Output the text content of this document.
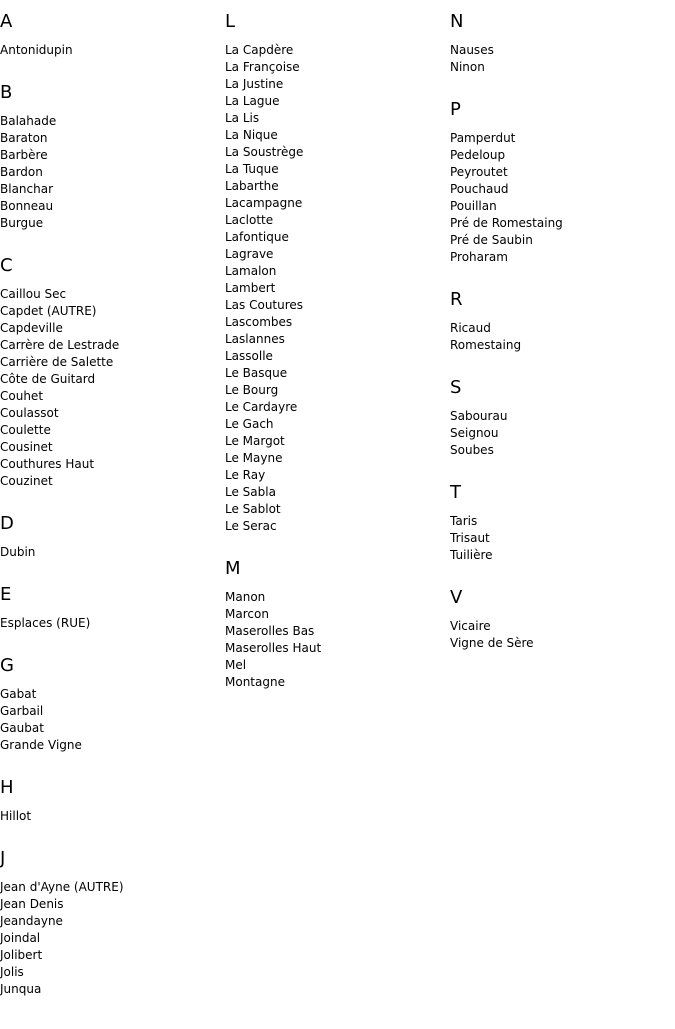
A
Antonidupin
B
Balahade
Baraton
Barbère
Bardon
Blanchar
Bonneau
Burgue
C
Caillou Sec
Capdet (AUTRE)
Capdeville
Carrère de Lestrade
Carrière de Salette
Côte de Guitard
Couhet
Coulassot
Coulette
Cousinet
Couthures Haut
Couzinet
D
Dubin
E
Esplaces (RUE)
G
Gabat
Garbail
Gaubat
Grande Vigne
H
Hillot
J
Jean d'Ayne (AUTRE)
Jean Denis
Jeandayne
Joindal
Jolibert
Jolis
Junqua
L
La Capdère
La Françoise
La Justine
La Lague
La Lis
La Nique
La Soustrège
La Tuque
Labarthe
Lacampagne
Laclotte
Lafontique
Lagrave
Lamalon
Lambert
Las Coutures
Lascombes
Laslannes
Lassolle
Le Basque
Le Bourg
Le Cardayre
Le Gach
Le Margot
Le Mayne
Le Ray
Le Sabla
Le Sablot
Le Serac
M
Manon
Marcon
Maserolles Bas
Maserolles Haut
Mel
Montagne
N
Nauses
Ninon
P
Pamperdut
Pedeloup
Peyroutet
Pouchaud
Pouillan
Pré de Romestaing
Pré de Saubin
Proharam
R
Ricaud
Romestaing
S
Sabourau
Seignou
Soubes
T
Taris
Trisaut
Tuilière
V
Vicaire
Vigne de Sère
